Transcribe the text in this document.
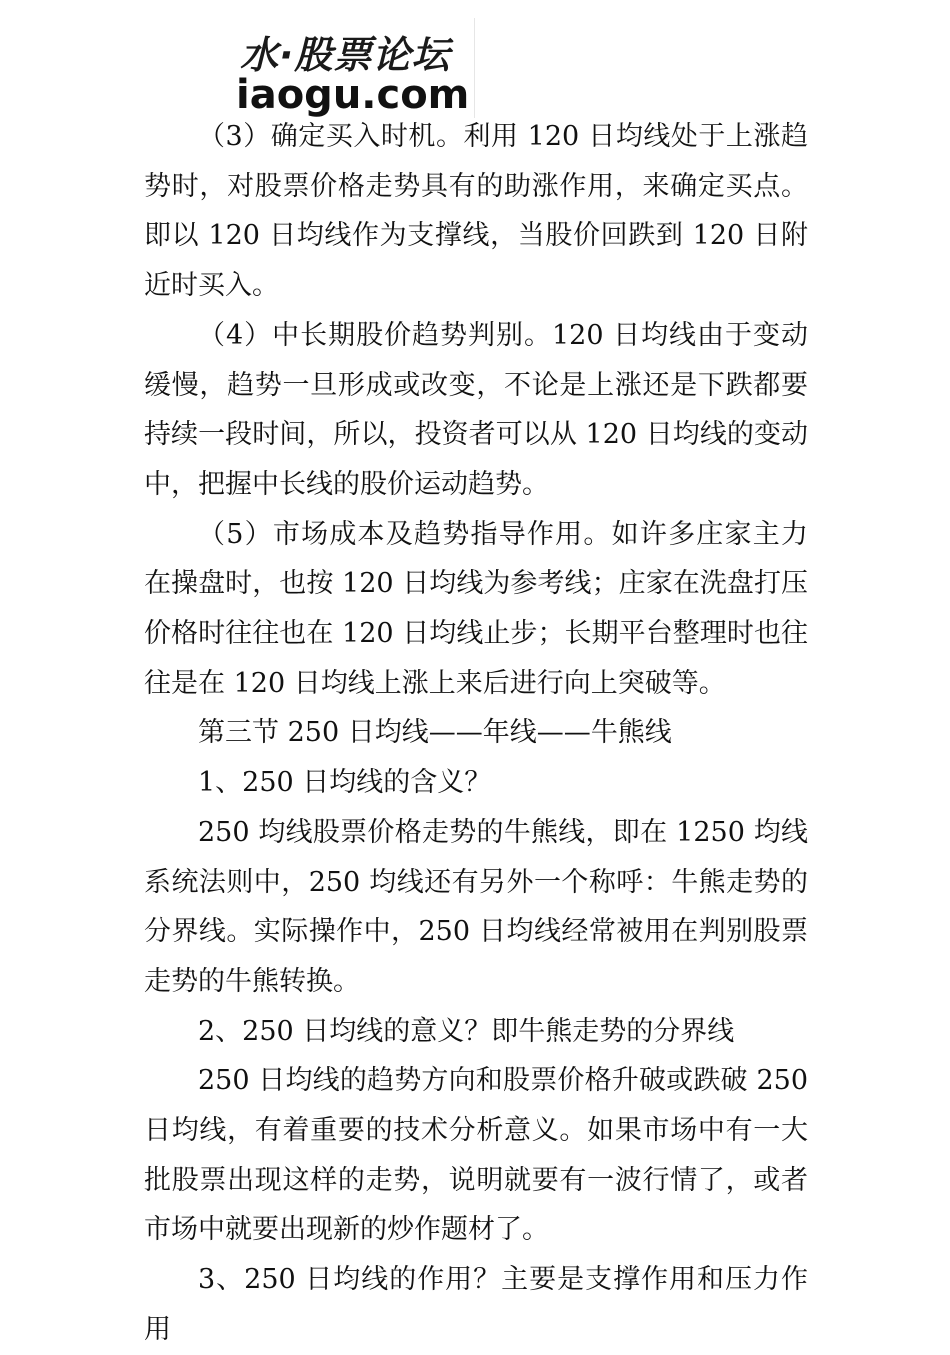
水·股票论坛
iaogu.com

（3）确定买入时机。利用 120 日均线处于上涨趋势时，对股票价格走势具有的助涨作用，来确定买点。即以 120 日均线作为支撑线，当股价回跌到 120 日附近时买入。

（4）中长期股价趋势判别。120 日均线由于变动缓慢，趋势一旦形成或改变，不论是上涨还是下跌都要持续一段时间，所以，投资者可以从 120 日均线的变动中，把握中长线的股价运动趋势。

（5）市场成本及趋势指导作用。如许多庄家主力在操盘时，也按 120 日均线为参考线；庄家在洗盘打压价格时往往也在 120 日均线止步；长期平台整理时也往往是在 120 日均线上涨上来后进行向上突破等。

第三节 250 日均线——年线——牛熊线

1、250 日均线的含义？

250 均线股票价格走势的牛熊线，即在 1250 均线系统法则中，250 均线还有另外一个称呼：牛熊走势的分界线。实际操作中，250 日均线经常被用在判别股票走势的牛熊转换。

2、250 日均线的意义？即牛熊走势的分界线

250 日均线的趋势方向和股票价格升破或跌破 250 日均线，有着重要的技术分析意义。如果市场中有一大批股票出现这样的走势，说明就要有一波行情了，或者市场中就要出现新的炒作题材了。

3、250 日均线的作用？主要是支撑作用和压力作用
